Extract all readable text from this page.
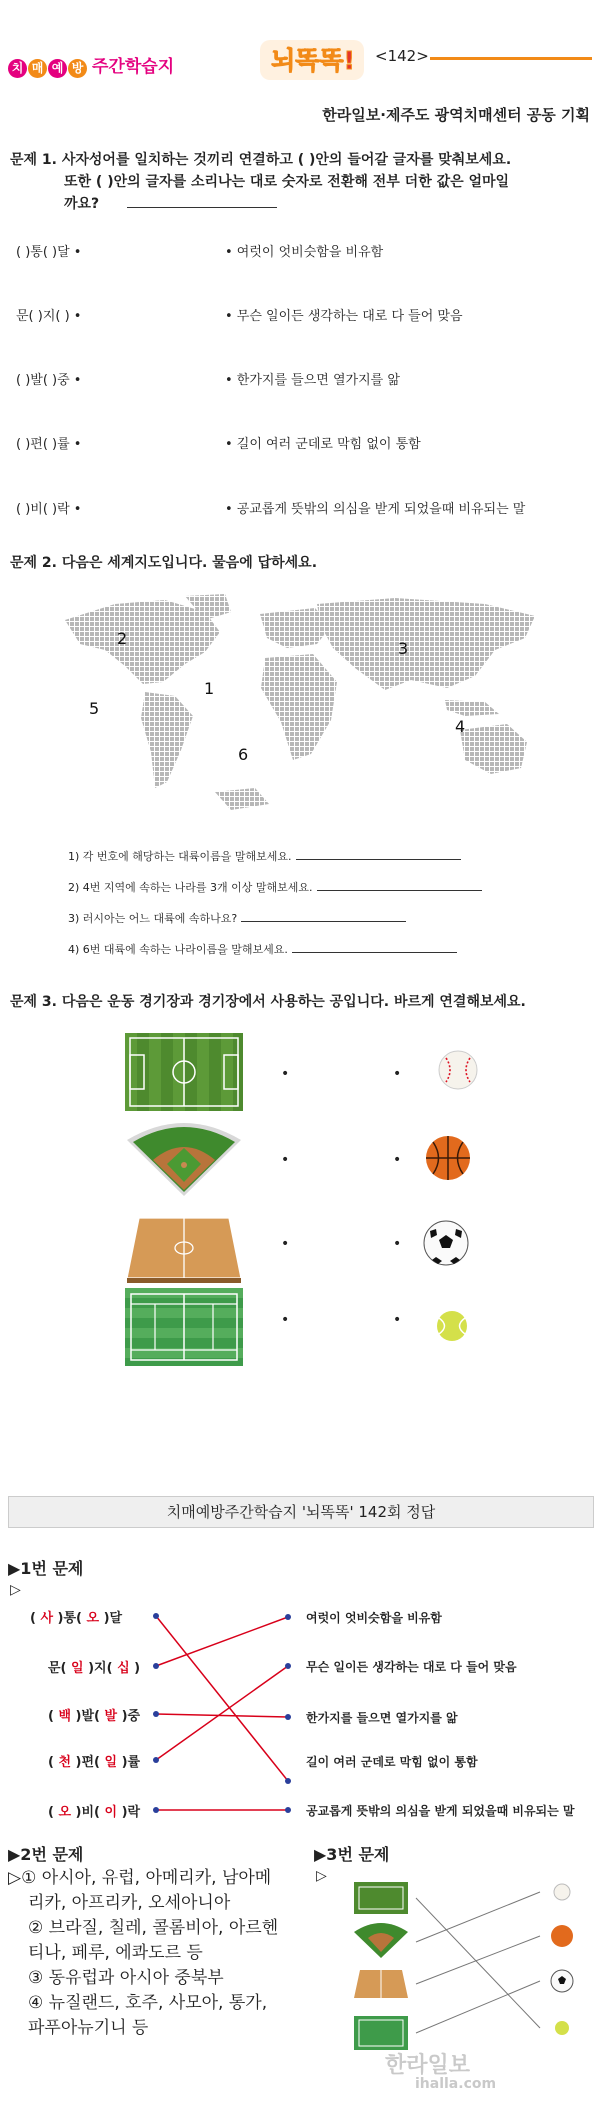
치 매 예 방 주간학습지	뇌똑똑! <142>
한라일보·제주도 광역치매센터 공동 기획
문제 1. 사자성어를 일치하는 것끼리 연결하고 ( )안의 들어갈 글자를 맞춰보세요.
또한 ( )안의 글자를 소리나는 대로 숫자로 전환해 전부 더한 값은 얼마일
까요?
( )통( )달 •	• 여럿이 엇비슷함을 비유함
문( )지( ) •	• 무슨 일이든 생각하는 대로 다 들어 맞음
( )발( )중 •	• 한가지를 들으면 열가지를 앎
( )편( )률 •	• 길이 여러 군데로 막힘 없이 통함
( )비( )락 •	• 공교롭게 뜻밖의 의심을 받게 되었을때 비유되는 말
문제 2. 다음은 세계지도입니다. 물음에 답하세요.
1
2
3
4
5
6
1) 각 번호에 해당하는 대륙이름을 말해보세요.
2) 4번 지역에 속하는 나라를 3개 이상 말해보세요.
3) 러시아는 어느 대륙에 속하나요?
4) 6번 대륙에 속하는 나라이름을 말해보세요.
문제 3. 다음은 운동 경기장과 경기장에서 사용하는 공입니다. 바르게 연결해보세요.
•	•
•	•
•	•
•	•
치매예방주간학습지 '뇌똑똑' 142회 정답
▶1번 문제
▷
( 사 )통( 오 )달
문( 일 )지( 십 )
( 백 )발( 발 )중
( 천 )편( 일 )률
( 오 )비( 이 )락
여럿이 엇비슷함을 비유함
무슨 일이든 생각하는 대로 다 들어 맞음
한가지를 들으면 열가지를 앎
길이 여러 군데로 막힘 없이 통함
공교롭게 뜻밖의 의심을 받게 되었을때 비유되는 말
▶2번 문제
▷① 아시아, 유럽, 아메리카, 남아메
리카, 아프리카, 오세아니아
② 브라질, 칠레, 콜롬비아, 아르헨
티나, 페루, 에콰도르 등
③ 동유럽과 아시아 중북부
④ 뉴질랜드, 호주, 사모아, 통가,
파푸아뉴기니 등
▶3번 문제
▷
한라일보
ihalla.com
